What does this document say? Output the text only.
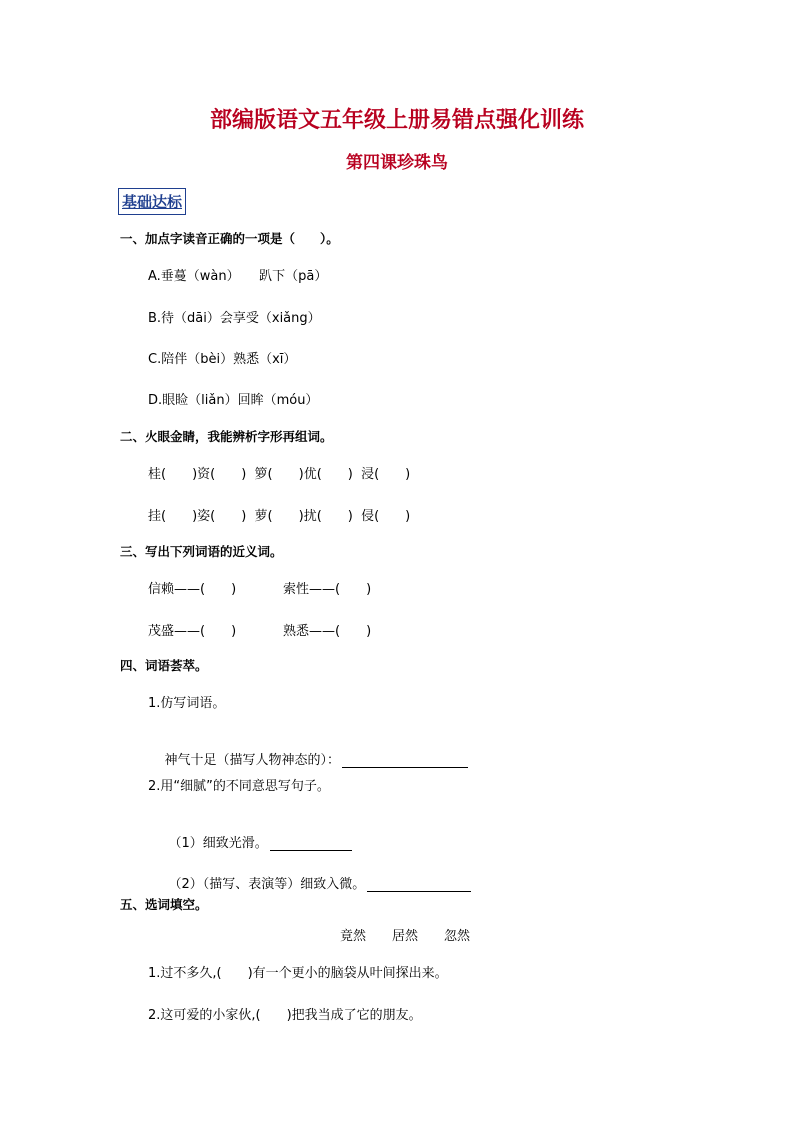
部编版语文五年级上册易错点强化训练
第四课珍珠鸟
基础达标
一、加点字读音正确的一项是（　　）。
A.垂蔓（wàn）　　趴下（pā）
B.待（dāi）会享受（xiǎng）
C.陪伴（bèi）熟悉（xī）
D.眼睑（liǎn）回眸（móu）
二、火眼金睛，我能辨析字形再组词。
桂(　　)资(　　)  箩(　　)优(　　)  浸(　　)
挂(　　)姿(　　)  萝(　　)扰(　　)  侵(　　)
三、写出下列词语的近义词。
信赖——(　　)	索性——(　　)
茂盛——(　　)	熟悉——(　　)
四、词语荟萃。
1.仿写词语。

神气十足（描写人物神态的）：

2.用“细腻”的不同意思写句子。

（1）细致光滑。

（2）（描写、表演等）细致入微。

五、选词填空。
竟然 居然 忽然
1.过不多久,(　　)有一个更小的脑袋从叶间探出来。
2.这可爱的小家伙,(　　)把我当成了它的朋友。
